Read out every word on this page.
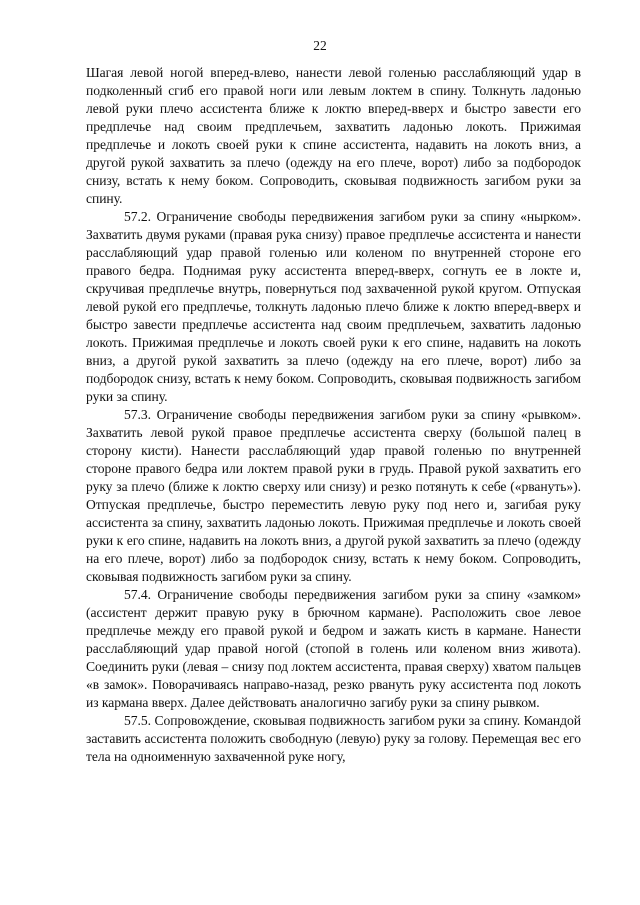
22

Шагая левой ногой вперед-влево, нанести левой голенью расслабляющий удар в подколенный сгиб его правой ноги или левым локтем в спину. Толкнуть ладонью левой руки плечо ассистента ближе к локтю вперед-вверх и быстро завести его предплечье над своим предплечьем, захватить ладонью локоть. Прижимая предплечье и локоть своей руки к спине ассистента, надавить на локоть вниз, а другой рукой захватить за плечо (одежду на его плече, ворот) либо за подбородок снизу, встать к нему боком. Сопроводить, сковывая подвижность загибом руки за спину.

57.2. Ограничение свободы передвижения загибом руки за спину «нырком». Захватить двумя руками (правая рука снизу) правое предплечье ассистента и нанести расслабляющий удар правой голенью или коленом по внутренней стороне его правого бедра. Поднимая руку ассистента вперед-вверх, согнуть ее в локте и, скручивая предплечье внутрь, повернуться под захваченной рукой кругом. Отпуская левой рукой его предплечье, толкнуть ладонью плечо ближе к локтю вперед-вверх и быстро завести предплечье ассистента над своим предплечьем, захватить ладонью локоть. Прижимая предплечье и локоть своей руки к его спине, надавить на локоть вниз, а другой рукой захватить за плечо (одежду на его плече, ворот) либо за подбородок снизу, встать к нему боком. Сопроводить, сковывая подвижность загибом руки за спину.

57.3. Ограничение свободы передвижения загибом руки за спину «рывком». Захватить левой рукой правое предплечье ассистента сверху (большой палец в сторону кисти). Нанести расслабляющий удар правой голенью по внутренней стороне правого бедра или локтем правой руки в грудь. Правой рукой захватить его руку за плечо (ближе к локтю сверху или снизу) и резко потянуть к себе («рвануть»). Отпуская предплечье, быстро переместить левую руку под него и, загибая руку ассистента за спину, захватить ладонью локоть. Прижимая предплечье и локоть своей руки к его спине, надавить на локоть вниз, а другой рукой захватить за плечо (одежду на его плече, ворот) либо за подбородок снизу, встать к нему боком. Сопроводить, сковывая подвижность загибом руки за спину.

57.4. Ограничение свободы передвижения загибом руки за спину «замком» (ассистент держит правую руку в брючном кармане). Расположить свое левое предплечье между его правой рукой и бедром и зажать кисть в кармане. Нанести расслабляющий удар правой ногой (стопой в голень или коленом вниз живота). Соединить руки (левая – снизу под локтем ассистента, правая сверху) хватом пальцев «в замок». Поворачиваясь направо-назад, резко рвануть руку ассистента под локоть из кармана вверх. Далее действовать аналогично загибу руки за спину рывком.

57.5. Сопровождение, сковывая подвижность загибом руки за спину. Командой заставить ассистента положить свободную (левую) руку за голову. Перемещая вес его тела на одноименную захваченной руке ногу,
